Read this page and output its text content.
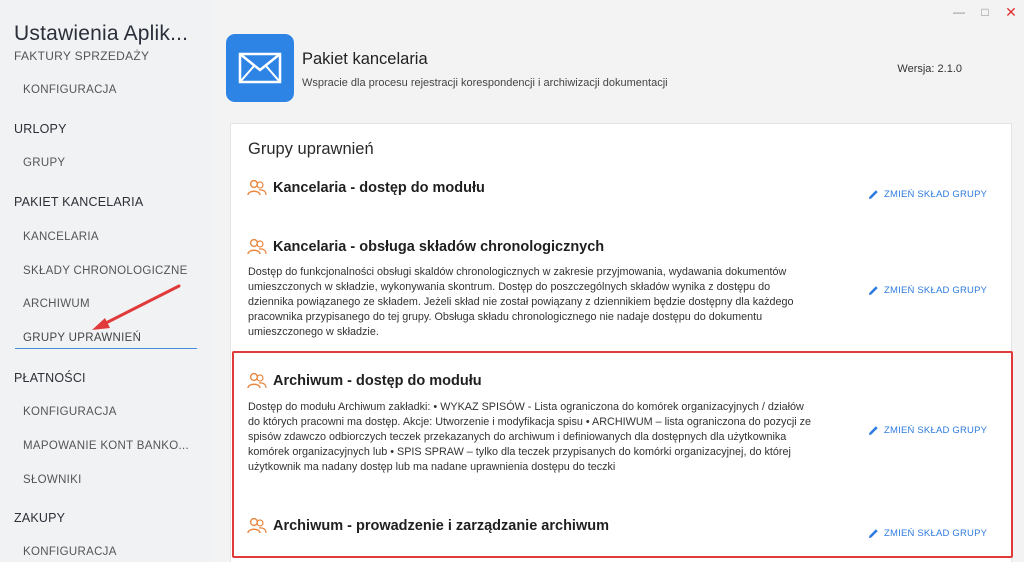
—	□	✕
FAKTURY SPRZEDAŻY
Ustawienia Aplik...
KONFIGURACJA
URLOPY
GRUPY
PAKIET KANCELARIA
KANCELARIA
SKŁADY CHRONOLOGICZNE
ARCHIWUM
GRUPY UPRAWNIEŃ
PŁATNOŚCI
KONFIGURACJA
MAPOWANIE KONT BANKO...
SŁOWNIKI
ZAKUPY
KONFIGURACJA
Pakiet kancelaria
Wspracie dla procesu rejestracji korespondencji i archiwizacji dokumentacji
Wersja: 2.1.0
Grupy uprawnień
Kancelaria - dostęp do modułu	ZMIEŃ SKŁAD GRUPY
Kancelaria - obsługa składów chronologicznych
Dostęp do funkcjonalności obsługi skaldów chronologicznych w zakresie przyjmowania, wydawania dokumentów umieszczonych w składzie, wykonywania skontrum. Dostęp do poszczególnych składów wynika z dostępu do dziennika powiązanego ze składem. Jeżeli skład nie został powiązany z dziennikiem będzie dostępny dla każdego pracownika przypisanego do tej grupy. Obsługa składu chronologicznego nie nadaje dostępu do dokumentu umieszczonego w składzie.
ZMIEŃ SKŁAD GRUPY
Archiwum - dostęp do modułu
Dostęp do modułu Archiwum zakładki: • WYKAZ SPISÓW - Lista ograniczona do komórek organizacyjnych / działów do których pracowni ma dostęp. Akcje: Utworzenie i modyfikacja spisu • ARCHIWUM – lista ograniczona do pozycji ze spisów zdawczo odbiorczych teczek przekazanych do archiwum i definiowanych dla dostępnych dla użytkownika komórek organizacyjnych lub • SPIS SPRAW – tylko dla teczek przypisanych do komórki organizacyjnej, do której użytkownik ma nadany dostęp lub ma nadane uprawnienia dostępu do teczki
ZMIEŃ SKŁAD GRUPY
Archiwum - prowadzenie i zarządzanie archiwum	ZMIEŃ SKŁAD GRUPY
